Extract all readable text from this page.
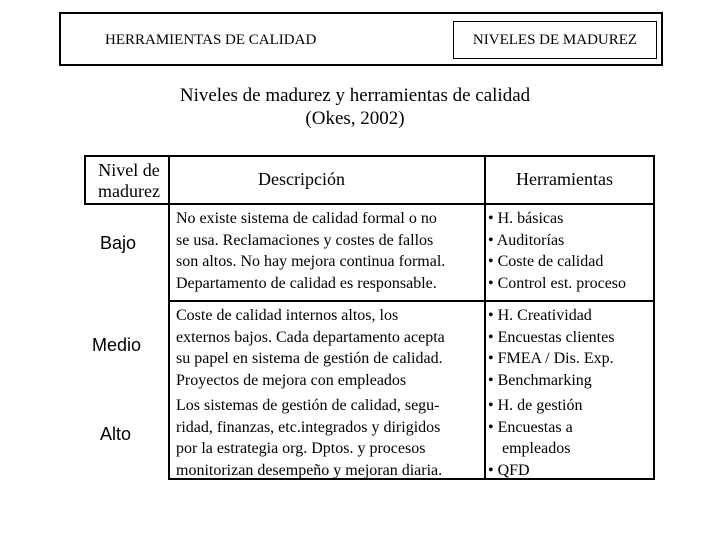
HERRAMIENTAS DE CALIDAD	NIVELES DE MADUREZ
Niveles de madurez y herramientas de calidad
(Okes, 2002)
Nivel de
madurez
Descripción	Herramientas
Bajo
Medio
Alto
No existe sistema de calidad formal o no
se usa. Reclamaciones y costes de fallos
son altos. No hay mejora continua formal.
Departamento de calidad es responsable.
• H. básicas
• Auditorías
• Coste de calidad
• Control est. proceso
Coste de calidad internos altos, los
externos bajos. Cada departamento acepta
su papel en sistema de gestión de calidad.
Proyectos de mejora con empleados
• H. Creatividad
• Encuestas clientes
• FMEA / Dis. Exp.
• Benchmarking
Los sistemas de gestión de calidad, segu-
ridad, finanzas, etc.integrados y dirigidos
por la estrategia org. Dptos. y procesos
monitorizan desempeño y mejoran diaria.
• H. de gestión
• Encuestas a
empleados
• QFD
